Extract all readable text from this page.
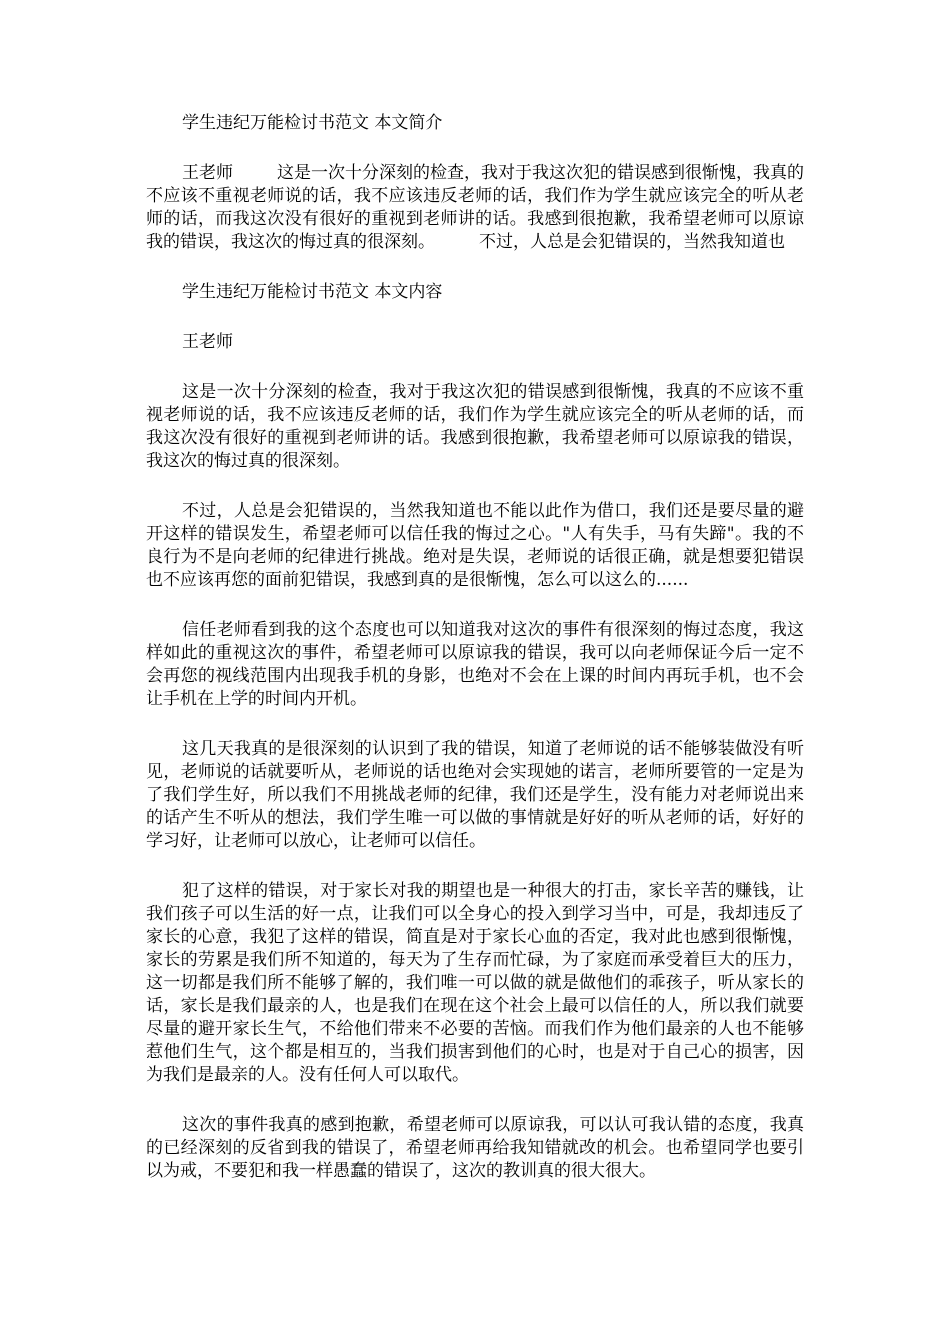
学生违纪万能检讨书范文 本文简介

王老师	这是一次十分深刻的检查，我对于我这次犯的错误感到很惭愧，我真的不应该不重视老师说的话，我不应该违反老师的话，我们作为学生就应该完全的听从老师的话，而我这次没有很好的重视到老师讲的话。我感到很抱歉，我希望老师可以原谅我的错误，我这次的悔过真的很深刻。	不过，人总是会犯错误的，当然我知道也

学生违纪万能检讨书范文 本文内容

王老师

这是一次十分深刻的检查，我对于我这次犯的错误感到很惭愧，我真的不应该不重视老师说的话，我不应该违反老师的话，我们作为学生就应该完全的听从老师的话，而我这次没有很好的重视到老师讲的话。我感到很抱歉，我希望老师可以原谅我的错误，我这次的悔过真的很深刻。

不过，人总是会犯错误的，当然我知道也不能以此作为借口，我们还是要尽量的避开这样的错误发生，希望老师可以信任我的悔过之心。"人有失手，马有失蹄"。我的不良行为不是向老师的纪律进行挑战。绝对是失误，老师说的话很正确，就是想要犯错误也不应该再您的面前犯错误，我感到真的是很惭愧，怎么可以这么的......

信任老师看到我的这个态度也可以知道我对这次的事件有很深刻的悔过态度，我这样如此的重视这次的事件，希望老师可以原谅我的错误，我可以向老师保证今后一定不会再您的视线范围内出现我手机的身影，也绝对不会在上课的时间内再玩手机，也不会让手机在上学的时间内开机。

这几天我真的是很深刻的认识到了我的错误，知道了老师说的话不能够装做没有听见，老师说的话就要听从，老师说的话也绝对会实现她的诺言，老师所要管的一定是为了我们学生好，所以我们不用挑战老师的纪律，我们还是学生，没有能力对老师说出来的话产生不听从的想法，我们学生唯一可以做的事情就是好好的听从老师的话，好好的学习好，让老师可以放心，让老师可以信任。

犯了这样的错误，对于家长对我的期望也是一种很大的打击，家长辛苦的赚钱，让我们孩子可以生活的好一点，让我们可以全身心的投入到学习当中，可是，我却违反了家长的心意，我犯了这样的错误，简直是对于家长心血的否定，我对此也感到很惭愧，家长的劳累是我们所不知道的，每天为了生存而忙碌，为了家庭而承受着巨大的压力，这一切都是我们所不能够了解的，我们唯一可以做的就是做他们的乖孩子，听从家长的话，家长是我们最亲的人，也是我们在现在这个社会上最可以信任的人，所以我们就要尽量的避开家长生气，不给他们带来不必要的苦恼。而我们作为他们最亲的人也不能够惹他们生气，这个都是相互的，当我们损害到他们的心时，也是对于自己心的损害，因为我们是最亲的人。没有任何人可以取代。

这次的事件我真的感到抱歉，希望老师可以原谅我，可以认可我认错的态度，我真的已经深刻的反省到我的错误了，希望老师再给我知错就改的机会。也希望同学也要引以为戒，不要犯和我一样愚蠢的错误了，这次的教训真的很大很大。
